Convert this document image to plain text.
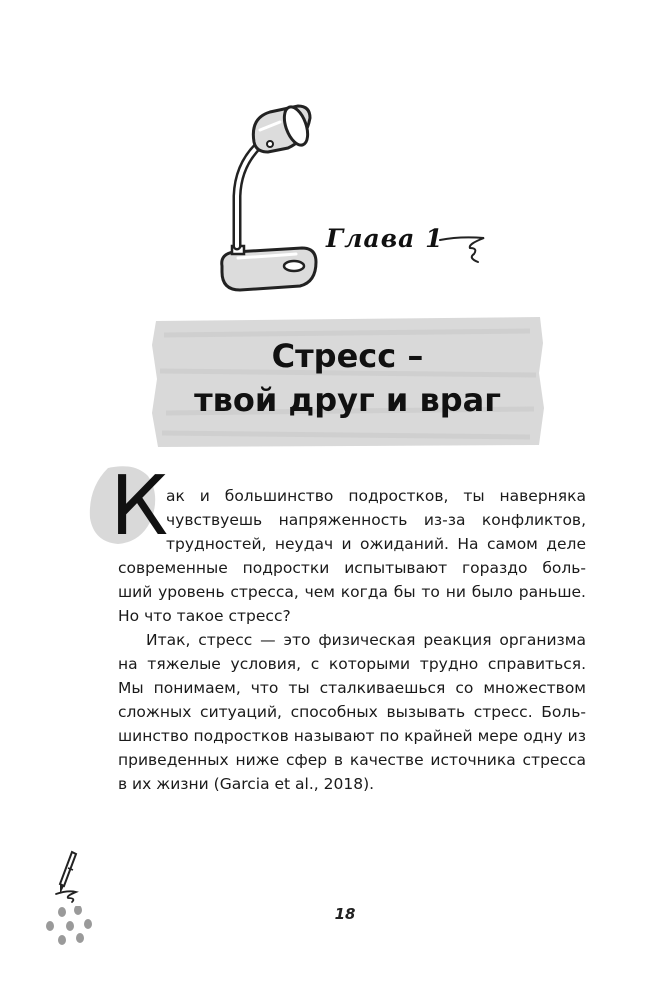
Глава 1
Стресс –
твой друг и враг
К
ак и большинство подростков, ты наверняка
чувствуешь напряженность из-за конфликтов,
трудностей, неудач и ожиданий. На самом деле
современные подростки испытывают гораздо боль-
ший уровень стресса, чем когда бы то ни было раньше.
Но что такое стресс?
Итак, стресс — это физическая реакция организма
на тяжелые условия, с которыми трудно справиться.
Мы понимаем, что ты сталкиваешься со множеством
сложных ситуаций, способных вызывать стресс. Боль-
шинство подростков называют по крайней мере одну из
приведенных ниже сфер в качестве источника стресса
в их жизни (Garcia et al., 2018).
18
